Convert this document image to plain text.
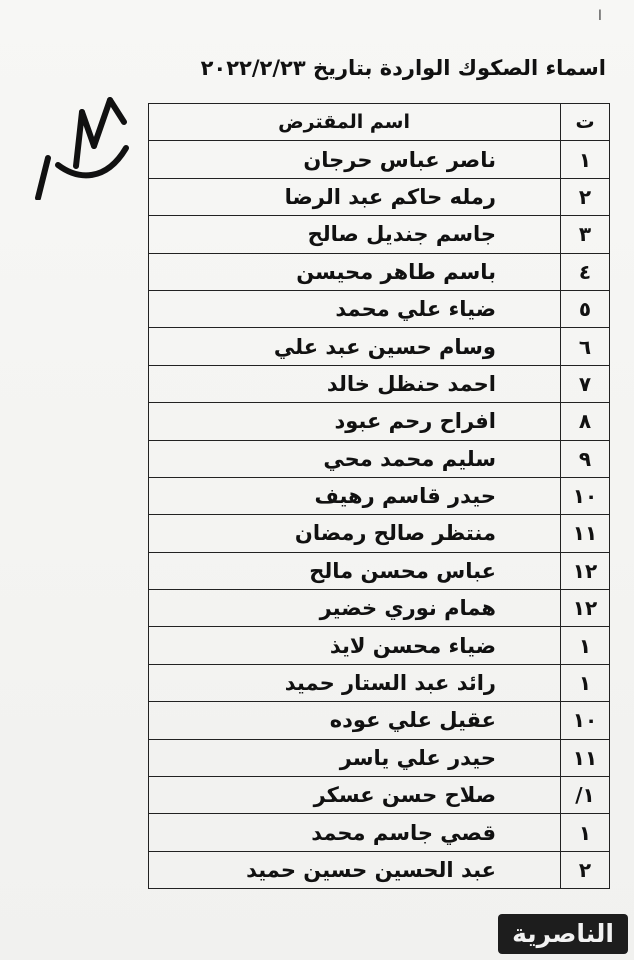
ا
اسماء الصكوك الواردة بتاريخ ٢٠٢٢/٢/٢٣
ت	اسم المقترض
١	ناصر عباس حرجان
٢	رمله حاكم عبد الرضا
٣	جاسم جنديل صالح
٤	باسم طاهر محيسن
٥	ضياء علي محمد
٦	وسام حسين عبد علي
٧	احمد حنظل خالد
٨	افراح رحم عبود
٩	سليم محمد محي
١٠	حيدر قاسم رهيف
١١	منتظر صالح رمضان
١٢	عباس محسن مالح
١٢	همام نوري خضير
١	ضياء محسن لايذ
١	رائد عبد الستار حميد
١٠	عقيل علي عوده
١١	حيدر علي ياسر
١/	صلاح حسن عسكر
١	قصي جاسم محمد
٢	عبد الحسين حسين حميد
الناصرية
